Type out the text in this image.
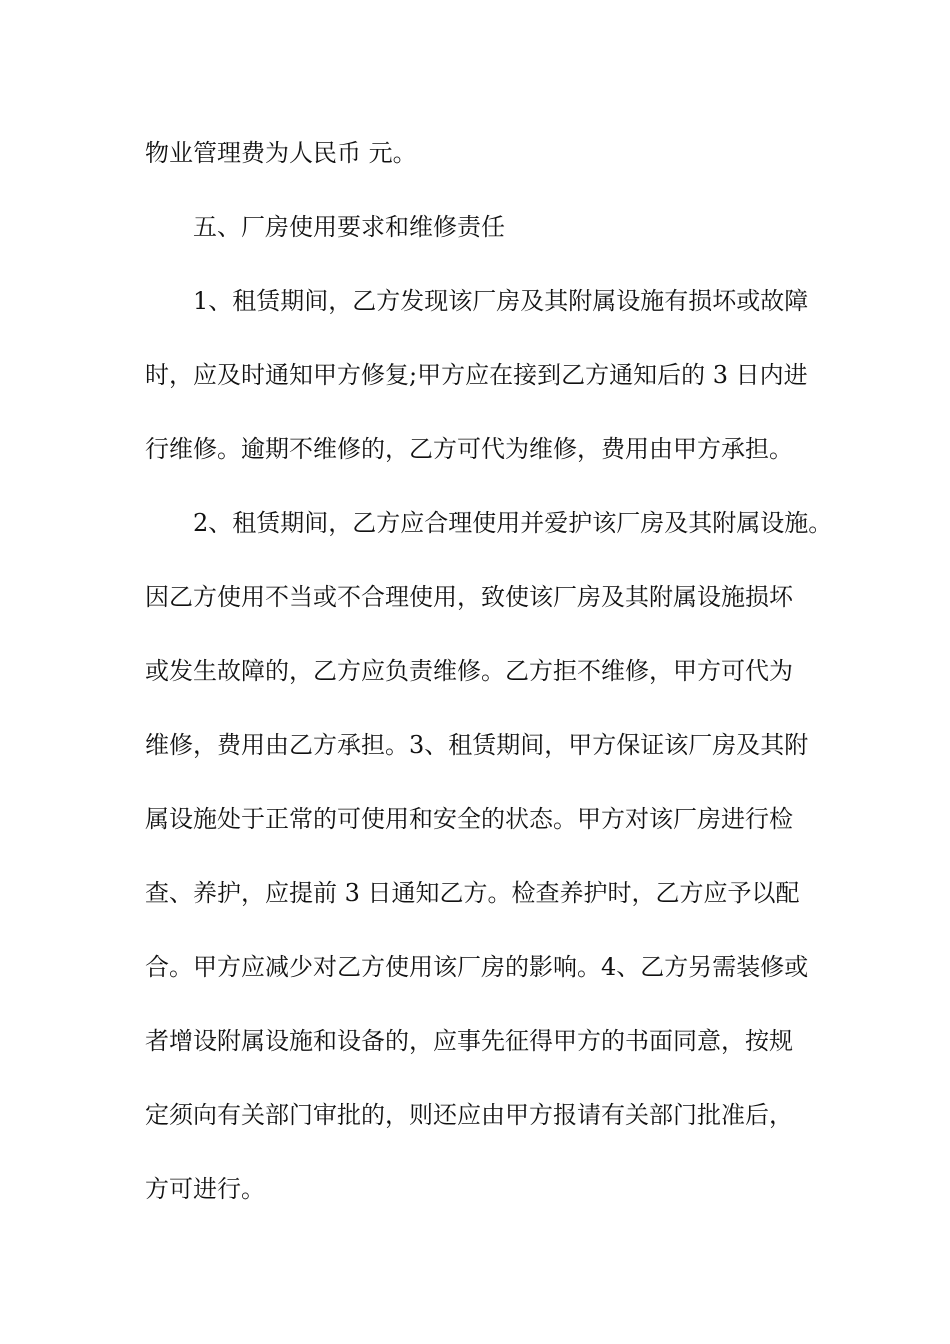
物业管理费为人民币 元。
五、厂房使用要求和维修责任
1、租赁期间，乙方发现该厂房及其附属设施有损坏或故障
时，应及时通知甲方修复;甲方应在接到乙方通知后的 3 日内进
行维修。逾期不维修的，乙方可代为维修，费用由甲方承担。
2、租赁期间，乙方应合理使用并爱护该厂房及其附属设施。
因乙方使用不当或不合理使用，致使该厂房及其附属设施损坏
或发生故障的，乙方应负责维修。乙方拒不维修，甲方可代为
维修，费用由乙方承担。3、租赁期间，甲方保证该厂房及其附
属设施处于正常的可使用和安全的状态。甲方对该厂房进行检
查、养护，应提前 3 日通知乙方。检查养护时，乙方应予以配
合。甲方应减少对乙方使用该厂房的影响。4、乙方另需装修或
者增设附属设施和设备的，应事先征得甲方的书面同意，按规
定须向有关部门审批的，则还应由甲方报请有关部门批准后，
方可进行。
